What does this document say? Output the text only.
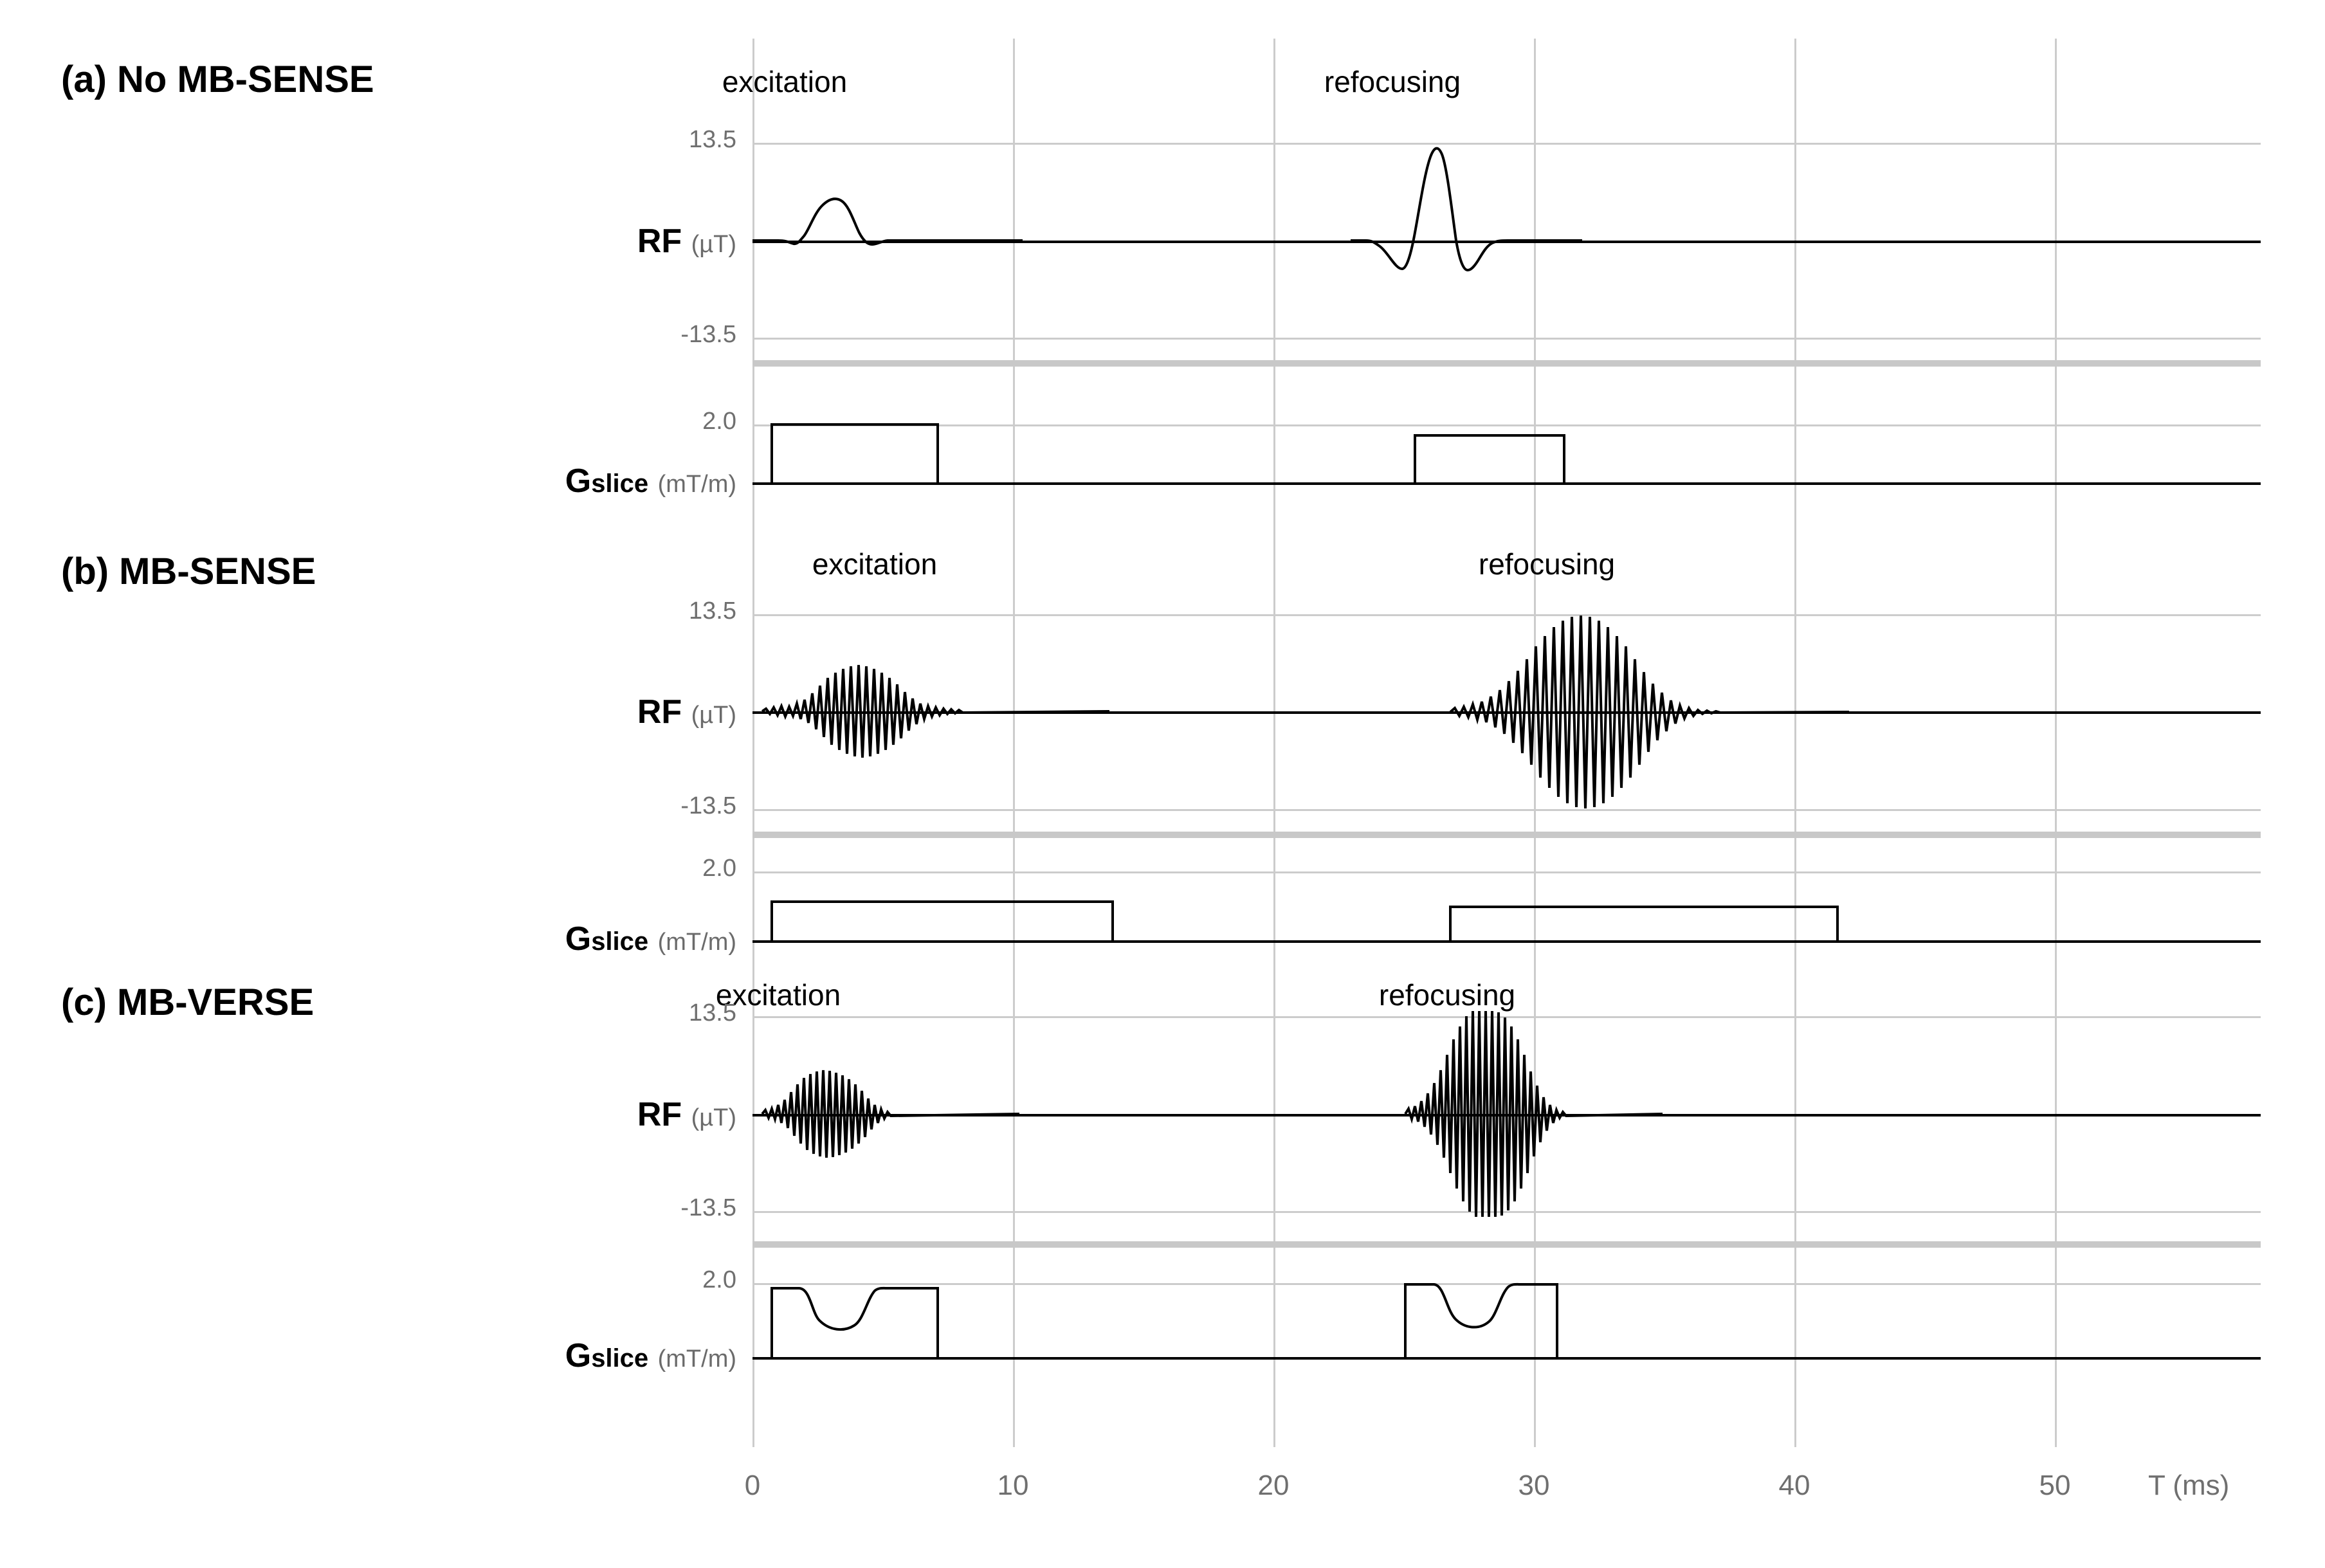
(a) No MB-SENSE	excitation	refocusing
13.5
-13.5
RF (µT)
2.0
Gslice (mT/m)
(b) MB-SENSE	excitation	refocusing
13.5
-13.5
RF (µT)
2.0
Gslice (mT/m)
(c) MB-VERSE	excitation	refocusing
13.5
-13.5
RF (µT)
2.0
Gslice (mT/m)
0	10	20	30	40	50	T (ms)
